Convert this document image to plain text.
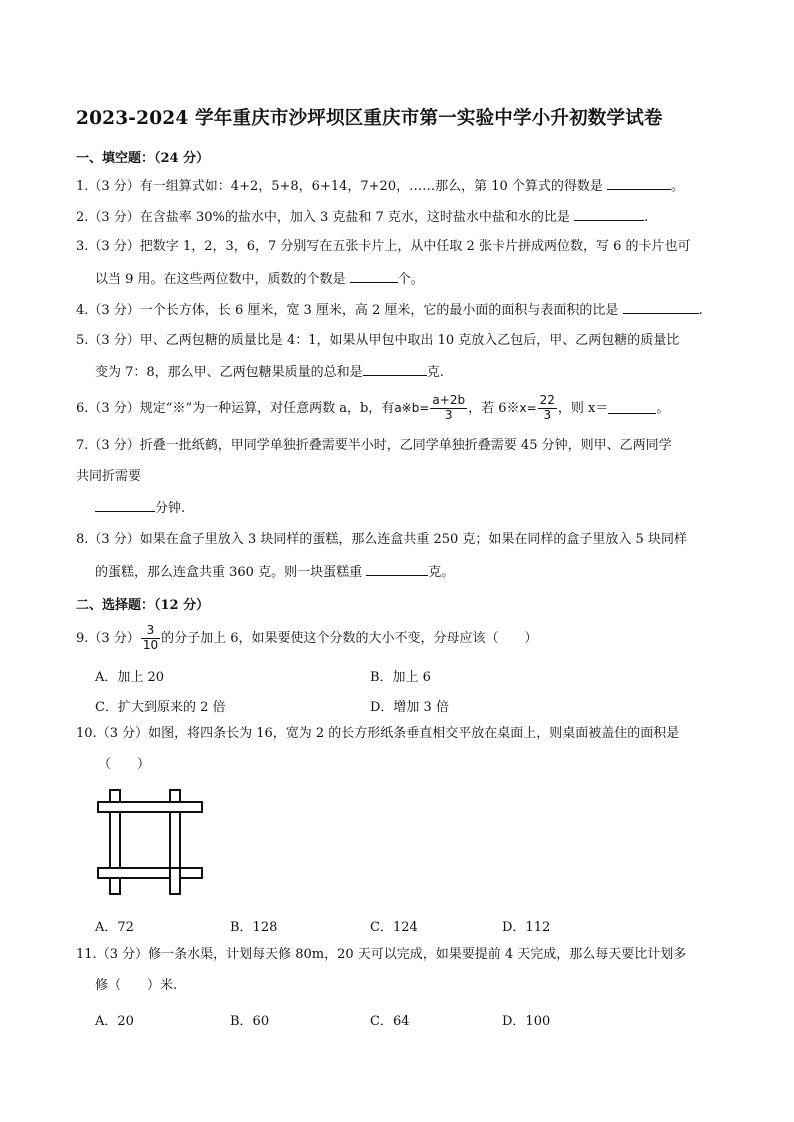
2023-2024 学年重庆市沙坪坝区重庆市第一实验中学小升初数学试卷
一、填空题：（24 分）
1.（3 分）有一组算式如：4+2，5+8，6+14，7+20，……那么，第 10 个算式的得数是	。
2.（3 分）在含盐率 30%的盐水中，加入 3 克盐和 7 克水，这时盐水中盐和水的比是	.
3.（3 分）把数字 1，2，3，6，7 分别写在五张卡片上，从中任取 2 张卡片拼成两位数，写 6 的卡片也可
以当 9 用。在这些两位数中，质数的个数是	个。
4.（3 分）一个长方体，长 6 厘米，宽 3 厘米，高 2 厘米，它的最小面的面积与表面积的比是	.
5.（3 分）甲、乙两包糖的质量比是 4：1，如果从甲包中取出 10 克放入乙包后，甲、乙两包糖的质量比
变为 7：8，那么甲、乙两包糖果质量的总和是	克.
6. （3 分）规定“※”为一种运算，对任意两数 a，b，有 a※b= $\frac{a+2b}{3}$ ，若 6※ $x= \frac{22}{3}$ ，则 x＝	。
7.（3 分）折叠一批纸鹤，甲同学单独折叠需要半小时，乙同学单独折叠需要 45 分钟，则甲、乙两同学
共同折需要
分钟.
8.（3 分）如果在盒子里放入 3 块同样的蛋糕，那么连盒共重 250 克；如果在同样的盒子里放入 5 块同样
的蛋糕，那么连盒共重 360 克。则一块蛋糕重	克。
二、选择题：（12 分）
9. （3 分） $\frac{3}{10}$ 的分子加上 6，如果要使这个分数的大小不变，分母应该（　　）
A．加上 20	B．加上 6
C．扩大到原来的 2 倍	D．增加 3 倍
10.（3 分）如图，将四条长为 16，宽为 2 的长方形纸条垂直相交平放在桌面上，则桌面被盖住的面积是
（　　）
A．72	B．128	C．124	D．112
11.（3 分）修一条水渠，计划每天修 80m，20 天可以完成，如果要提前 4 天完成，那么每天要比计划多
修（　　）米.
A．20	B．60	C．64	D．100
